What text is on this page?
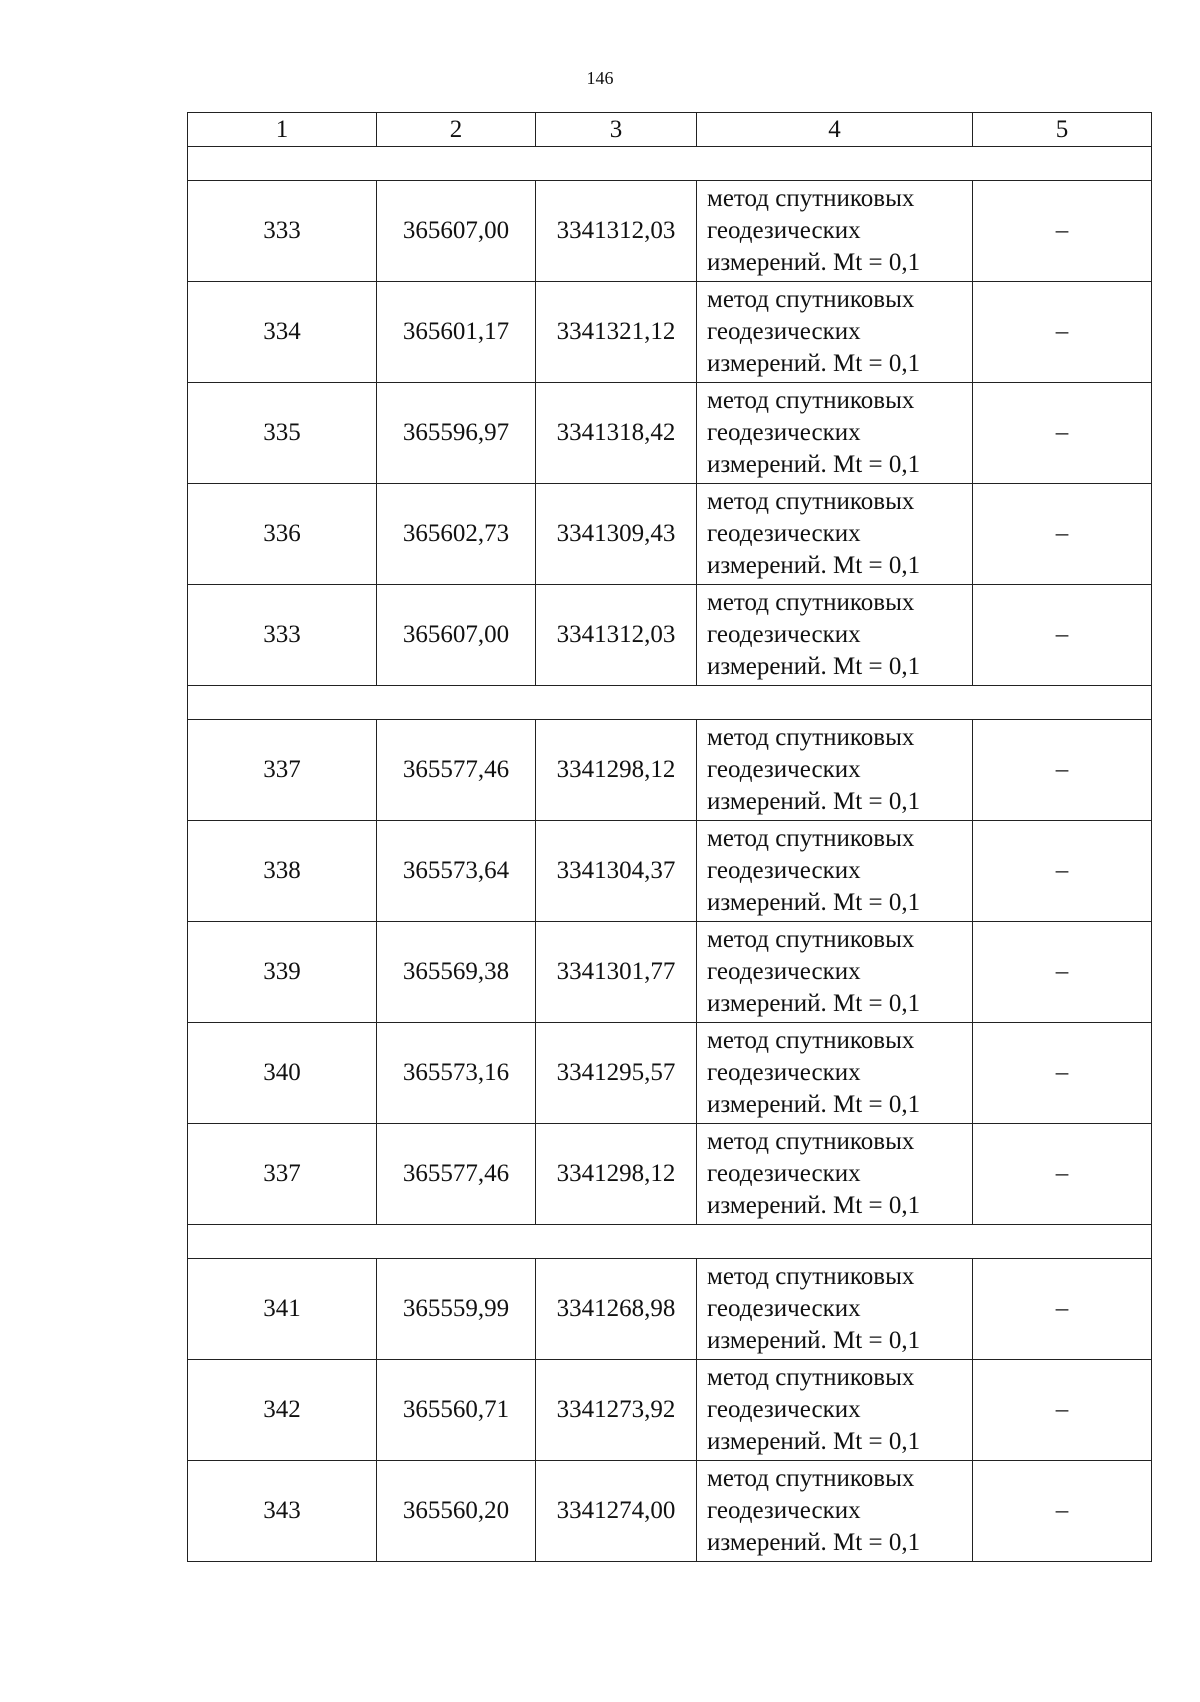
146
1	2	3	4	5

333	365607,00	3341312,03	метод спутниковых
геодезических
измерений. Mt = 0,1	–
334	365601,17	3341321,12	метод спутниковых
геодезических
измерений. Mt = 0,1	–
335	365596,97	3341318,42	метод спутниковых
геодезических
измерений. Mt = 0,1	–
336	365602,73	3341309,43	метод спутниковых
геодезических
измерений. Mt = 0,1	–
333	365607,00	3341312,03	метод спутниковых
геодезических
измерений. Mt = 0,1	–

337	365577,46	3341298,12	метод спутниковых
геодезических
измерений. Mt = 0,1	–
338	365573,64	3341304,37	метод спутниковых
геодезических
измерений. Mt = 0,1	–
339	365569,38	3341301,77	метод спутниковых
геодезических
измерений. Mt = 0,1	–
340	365573,16	3341295,57	метод спутниковых
геодезических
измерений. Mt = 0,1	–
337	365577,46	3341298,12	метод спутниковых
геодезических
измерений. Mt = 0,1	–

341	365559,99	3341268,98	метод спутниковых
геодезических
измерений. Mt = 0,1	–
342	365560,71	3341273,92	метод спутниковых
геодезических
измерений. Mt = 0,1	–
343	365560,20	3341274,00	метод спутниковых
геодезических
измерений. Mt = 0,1	–
